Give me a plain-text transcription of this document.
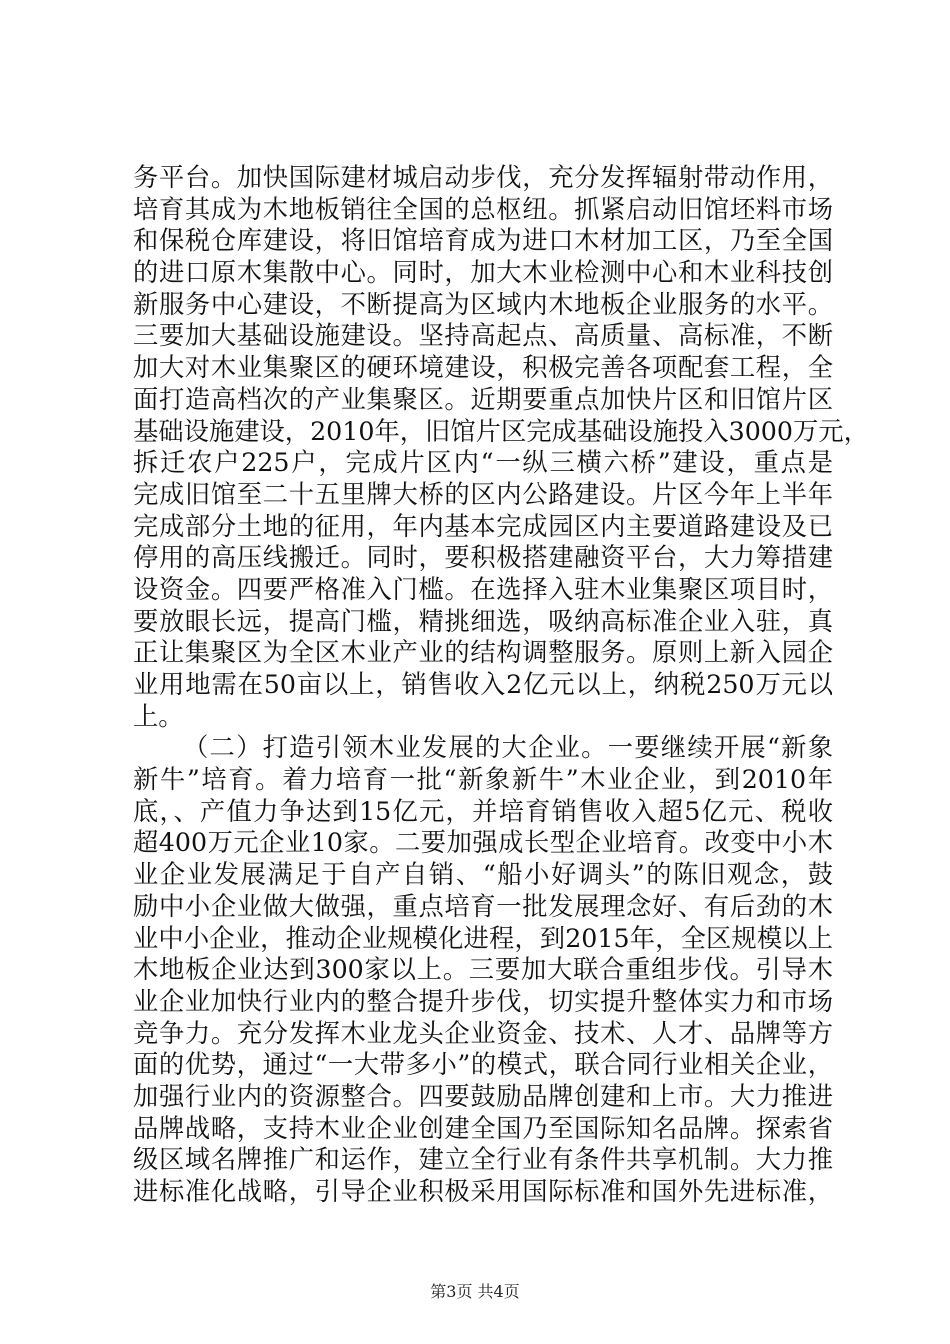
务平台。加快国际建材城启动步伐，充分发挥辐射带动作用，
培育其成为木地板销往全国的总枢纽。抓紧启动旧馆坯料市场
和保税仓库建设，将旧馆培育成为进口木材加工区，乃至全国
的进口原木集散中心。同时，加大木业检测中心和木业科技创
新服务中心建设，不断提高为区域内木地板企业服务的水平。
三要加大基础设施建设。坚持高起点、高质量、高标准，不断
加大对木业集聚区的硬环境建设，积极完善各项配套工程，全
面打造高档次的产业集聚区。近期要重点加快片区和旧馆片区
基础设施建设，2010年，旧馆片区完成基础设施投入3000万元，
拆迁农户225户，完成片区内“一纵三横六桥”建设，重点是
完成旧馆至二十五里牌大桥的区内公路建设。片区今年上半年
完成部分土地的征用，年内基本完成园区内主要道路建设及已
停用的高压线搬迁。同时，要积极搭建融资平台，大力筹措建
设资金。四要严格准入门槛。在选择入驻木业集聚区项目时，
要放眼长远，提高门槛，精挑细选，吸纳高标准企业入驻，真
正让集聚区为全区木业产业的结构调整服务。原则上新入园企
业用地需在50亩以上，销售收入2亿元以上，纳税250万元以
上。
（二）打造引领木业发展的大企业。一要继续开展“新象
新牛”培育。着力培育一批“新象新牛”木业企业，到2010年
底，、产值力争达到15亿元，并培育销售收入超5亿元、税收
超400万元企业10家。二要加强成长型企业培育。改变中小木
业企业发展满足于自产自销、“船小好调头”的陈旧观念，鼓
励中小企业做大做强，重点培育一批发展理念好、有后劲的木
业中小企业，推动企业规模化进程，到2015年，全区规模以上
木地板企业达到300家以上。三要加大联合重组步伐。引导木
业企业加快行业内的整合提升步伐，切实提升整体实力和市场
竞争力。充分发挥木业龙头企业资金、技术、人才、品牌等方
面的优势，通过“一大带多小”的模式，联合同行业相关企业，
加强行业内的资源整合。四要鼓励品牌创建和上市。大力推进
品牌战略，支持木业企业创建全国乃至国际知名品牌。探索省
级区域名牌推广和运作，建立全行业有条件共享机制。大力推
进标准化战略，引导企业积极采用国际标准和国外先进标准，
第3页 共4页
